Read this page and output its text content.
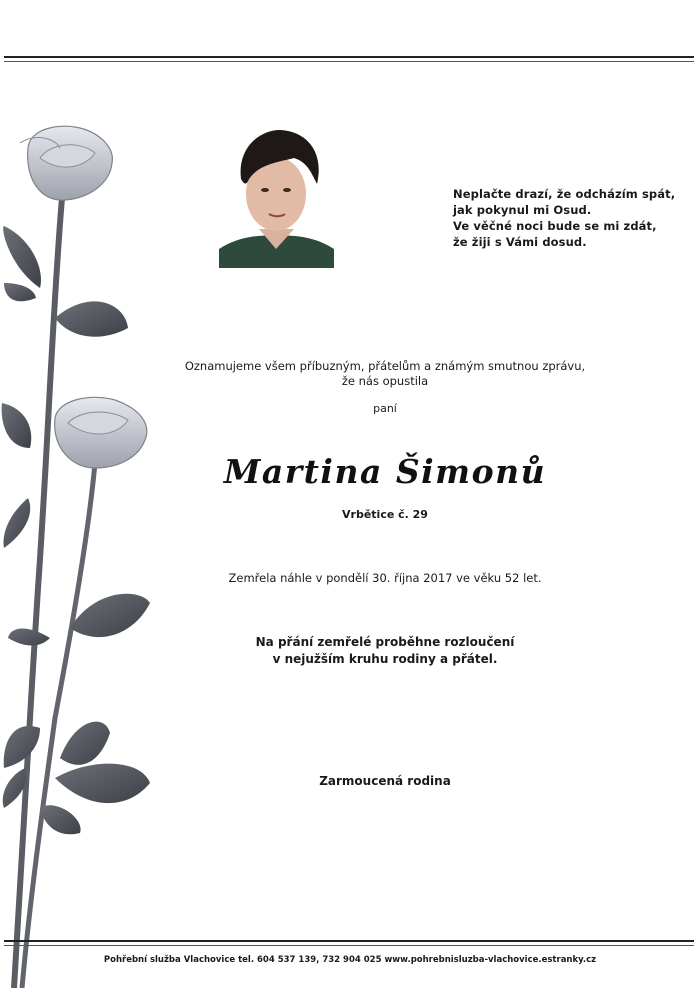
Neplačte drazí, že odcházím spát,
jak pokynul mi Osud.
Ve věčné noci bude se mi zdát,
že žiji s Vámi dosud.
Oznamujeme všem příbuzným, přátelům a známým smutnou zprávu,
že nás opustila
paní
Martina Šimonů
Vrbětice č. 29
Zemřela náhle v pondělí 30. října 2017 ve věku 52 let.
Na přání zemřelé proběhne rozloučení
v nejužším kruhu rodiny a přátel.
Zarmoucená rodina
Pohřební služba Vlachovice tel. 604 537 139, 732 904 025 www.pohrebnisluzba-vlachovice.estranky.cz
